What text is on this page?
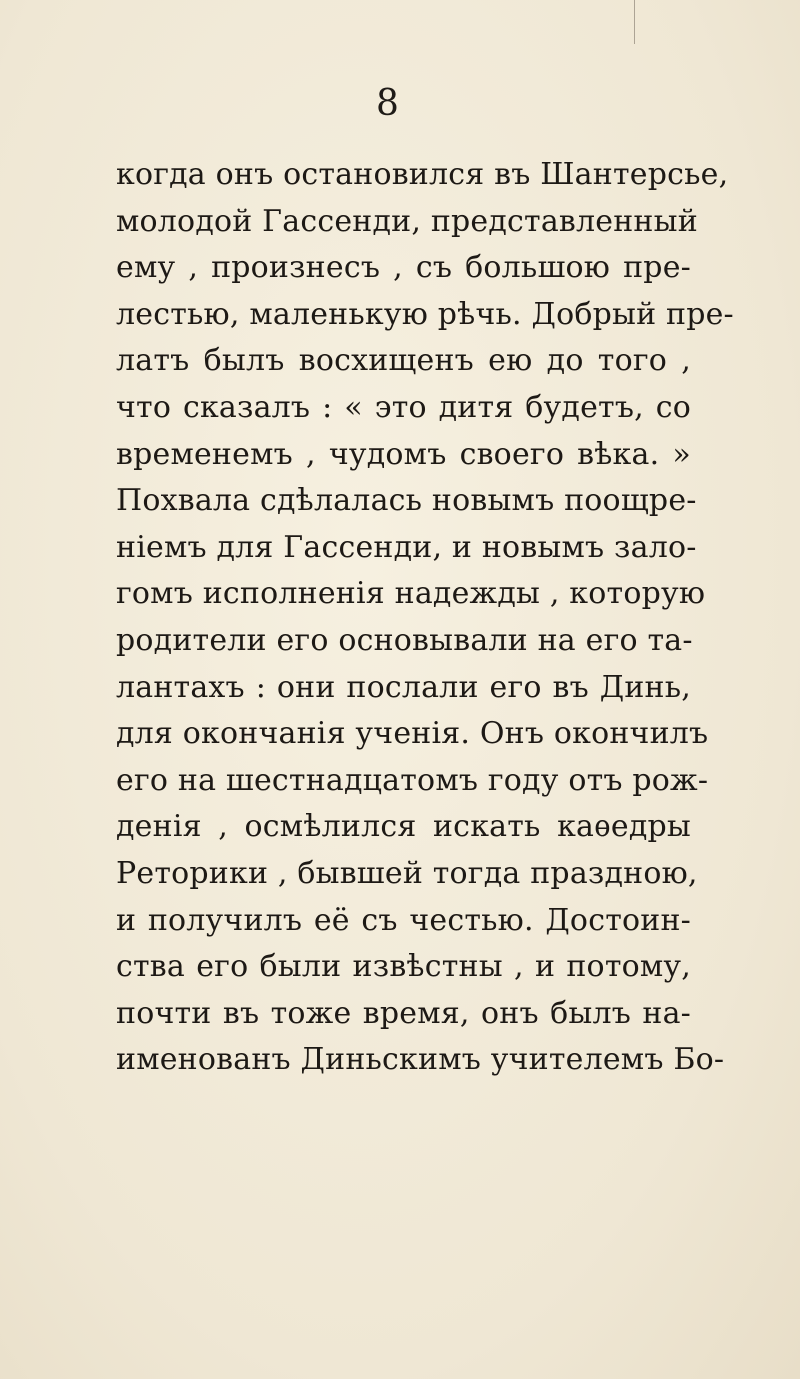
8
когда онъ остановился въ Шантерсье,
молодой Гассенди, представленный
ему , произнесъ , съ большою пре-
лестью, маленькую рѣчь. Добрый пре-
латъ былъ восхищенъ ею до того ,
что сказалъ : « это дитя будетъ, со
временемъ , чудомъ своего вѣка. »
Похвала сдѣлалась новымъ поощре-
ніемъ для Гассенди, и новымъ зало-
гомъ исполненія надежды , которую
родители его основывали на его та-
лантахъ : они послали его въ Динь,
для окончанія ученія. Онъ окончилъ
его на шестнадцатомъ году отъ рож-
денія , осмѣлился искать каѳедры
Реторики , бывшей тогда праздною,
и получилъ её съ честью. Достоин-
ства его были извѣстны , и потому,
почти въ тоже время, онъ былъ на-
именованъ Диньскимъ учителемъ Бо-
